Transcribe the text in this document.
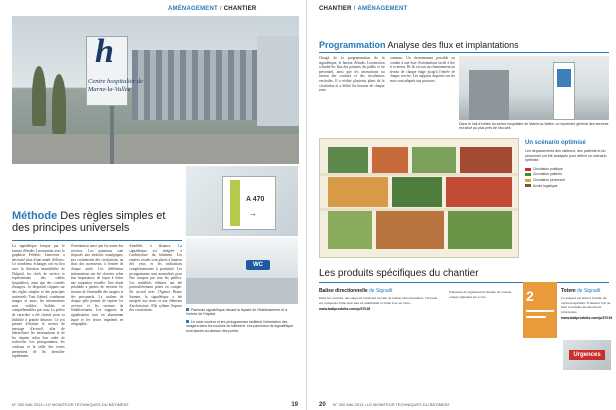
AMÉNAGEMENT / CHANTIER
h
Centre hospitalier de Marne-la-Vallée
A 470
→
WC
Méthode Des règles simples et des principes universels
La signalétique lorsque par le bureau d'études Locomotion avec le graphiste Frédéric Lemercier a nécessité plus d'une année d'efforts. Ce nombreux échanges ont eu lieu avec la direction immobilière de l'hôpital, les chefs de service et représentants des cadres hospitaliers, ainsi que des comités d'usagers. Le dispositif s'appuie sur des règles simples et des principes universels. Tout d'abord, combinant images et mots, les informations sont visibles, lisibles et compréhensibles par tous. La police de caractère a été choisie pour sa lisibilité à grande distance. Ce jeu permet d'évaluer le niveau de message d'accueil, afin de hiérarchiser les informations et de les répartir selon leur ordre de recherche. Les pictogrammes, les couleurs et la taille des textes permettent de les identifier rapidement.
d'orientation ainsi que les noms des services. Les panneaux sont disposés aux endroits stratégiques, aux croisements des circulations, au droit des ascenseurs, à l'entrée de chaque unité. Les différentes informations ont été classées selon leur importance, de façon à éviter une saturation visuelle. Une étude préalable a permis de recenser les besoins de l'ensemble des usagers et des personnels. La couleur de chaque pôle permet de repérer les services et les secteurs de l'établissement. Les supports de signalisation sont en aluminium laqué et les textes imprimés en sérigraphie.
d'emblée, à distance. La signalétique est intégrée à l'architecture du bâtiment. Les repères visuels sont placés à hauteur des yeux et les indications complémentaires à proximité. Les pictogrammes sont normalisés pour être compris par tous les publics. Les mobilités réduites ont été particulièrement prises en compte. En accord avec l'Agence Bruno Saunier, la signalétique a été intégrée aux murs et aux éléments d'architecture. Elle rythme l'espace des circulations.	Panneau signalétique devant la façade de l'établissement et à l'entrée de l'hôpital.

Le code couleur et les pictogrammes facilitent l'orientation des usagers dans les couloirs du bâtiment. Les panneaux de signalétique sont placés au-dessus des portes.

N° 392 MAI 2013 • LE MONITEUR TECHNIQUES DU BÂTIMENT	19
CHANTIER / AMÉNAGEMENT
Programmation Analyse des flux et implantations
Chargé de la programmation de la signalétique, le bureau d'études Locomotion a étudié les flux des patients, du public et du personnel, ainsi que les interactions au niveau des couloirs et des circulations verticales. Il a réalisé plusieurs plans de la circulation et a défini les besoins de chaque zone.
commun. Un cheminement possible ou conduit à une liste d'orientations facile à lire et à retenir. De là, on suit un cheminement au niveau de chaque étage jusqu'à l'entrée de chaque service. Les supports disposés sur les murs sont adaptés aux parcours.
Dans le hall d'entrée du centre hospitalier de Marne-la-Vallée, un répertoire général des services est situé au plus près de l'accueil.
Un scénario optimisé
Les déplacements des visiteurs, des patients et du personnel ont été analysés pour définir un scénario optimisé.
Circulation publique
Circulation patients
Circulation personnel
Accès logistique
Les produits spécifiques du chantier
Balise directionnelle de Signalit
Dans les couloirs, des supports verticaux servent de balises directionnelles. Chacune est composée d'une structure en aluminium et d'une face en verre.
www.batiproduits.com/p/37018
Panneaux de signalisation murale de couleur orange signalant les accès.	2	Totem de Signalit
Ce support est situé à l'entrée du centre hospitalier. Il mesure 3 m de haut et indique les directions principales.
www.batiproduits.com/p/37019
Urgences
20 N° 392 MAI 2013 • LE MONITEUR TECHNIQUES DU BÂTIMENT
